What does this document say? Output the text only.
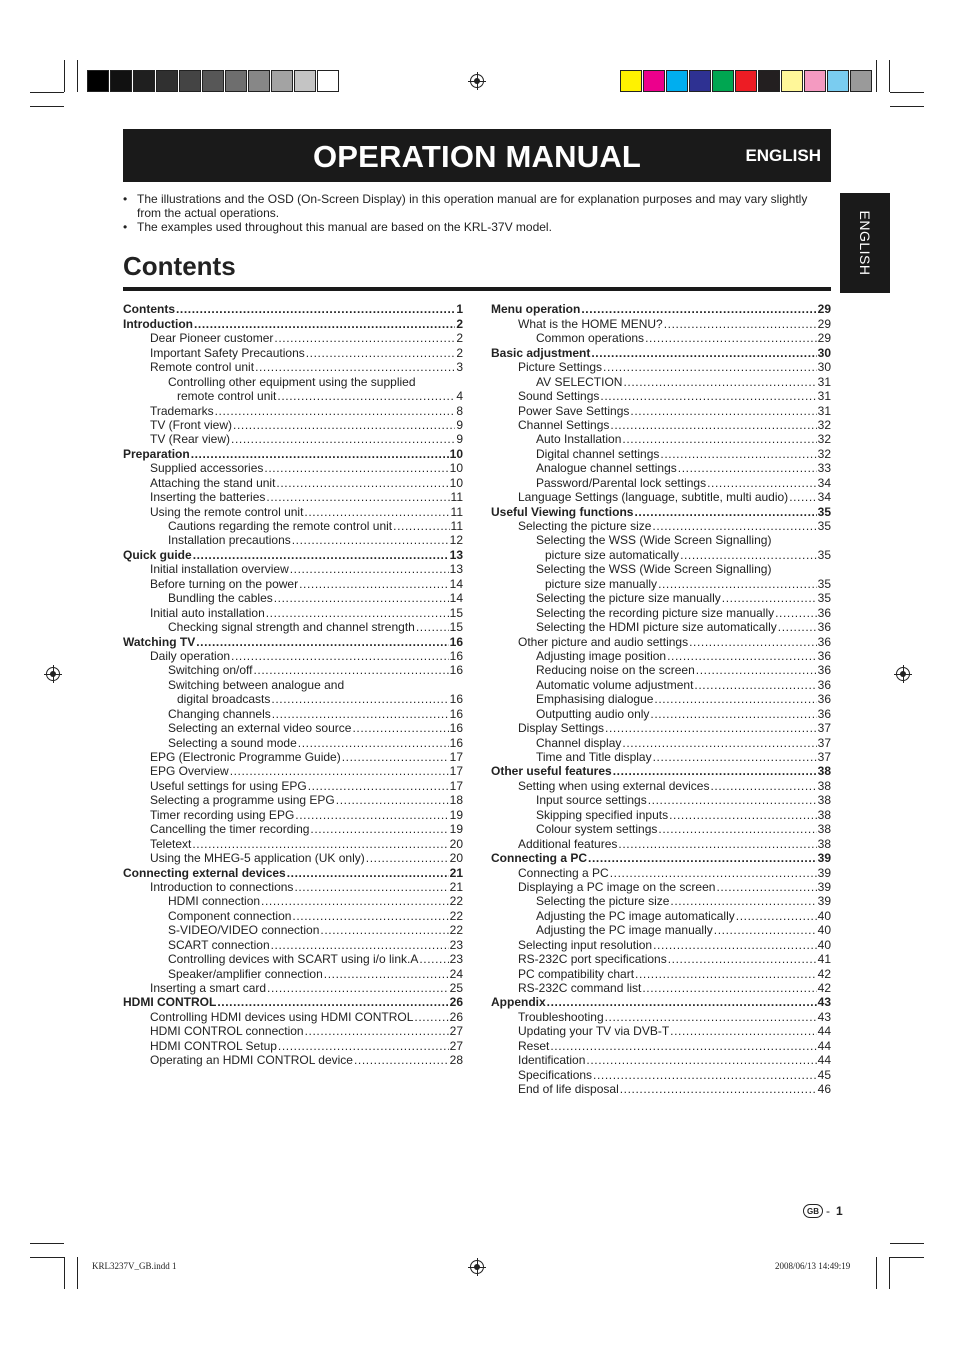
OPERATION MANUAL	ENGLISH
ENGLISH
• The illustrations and the OSD (On-Screen Display) in this operation manual are for explanation purposes and may vary slightly from the actual operations.
• The examples used throughout this manual are based on the KRL-37V model.
Contents
Contents .....	1
Introduction .....	2
Dear Pioneer customer .....	2
Important Safety Precautions .....	2
Remote control unit .....	3
Controlling other equipment using the supplied
remote control unit .....	4
Trademarks .....	8
TV (Front view) .....	9
TV (Rear view) .....	9
Preparation .....	10
Supplied accessories .....	10
Attaching the stand unit .....	10
Inserting the batteries .....	11
Using the remote control unit .....	11
Cautions regarding the remote control unit .....	11
Installation precautions .....	12
Quick guide .....	13
Initial installation overview .....	13
Before turning on the power .....	14
Bundling the cables .....	14
Initial auto installation .....	15
Checking signal strength and channel strength .....	15
Watching TV .....	16
Daily operation .....	16
Switching on/off .....	16
Switching between analogue and
digital broadcasts .....	16
Changing channels .....	16
Selecting an external video source .....	16
Selecting a sound mode .....	16
EPG (Electronic Programme Guide) .....	17
EPG Overview .....	17
Useful settings for using EPG .....	17
Selecting a programme using EPG .....	18
Timer recording using EPG .....	19
Cancelling the timer recording .....	19
Teletext .....	20
Using the MHEG-5 application (UK only) .....	20
Connecting external devices .....	21
Introduction to connections .....	21
HDMI connection .....	22
Component connection .....	22
S-VIDEO/VIDEO connection .....	22
SCART connection .....	23
Controlling devices with SCART using i/o link.A .....	23
Speaker/amplifier connection .....	24
Inserting a smart card .....	25
HDMI CONTROL .....	26
Controlling HDMI devices using HDMI CONTROL .....	26
HDMI CONTROL connection .....	27
HDMI CONTROL Setup .....	27
Operating an HDMI CONTROL device .....	28
Menu operation .....	29
What is the HOME MENU? .....	29
Common operations .....	29
Basic adjustment .....	30
Picture Settings .....	30
AV SELECTION .....	31
Sound Settings .....	31
Power Save Settings .....	31
Channel Settings .....	32
Auto Installation .....	32
Digital channel settings .....	32
Analogue channel settings .....	33
Password/Parental lock settings .....	34
Language Settings (language, subtitle, multi audio) ..... 34
Useful Viewing functions .....	35
Selecting the picture size .....	35
Selecting the WSS (Wide Screen Signalling)
picture size automatically .....	35
Selecting the WSS (Wide Screen Signalling)
picture size manually .....	35
Selecting the picture size manually .....	35
Selecting the recording picture size manually .....	36
Selecting the HDMI picture size automatically .....	36
Other picture and audio settings .....	36
Adjusting image position .....	36
Reducing noise on the screen .....	36
Automatic volume adjustment .....	36
Emphasising dialogue .....	36
Outputting audio only .....	36
Display Settings .....	37
Channel display .....	37
Time and Title display .....	37
Other useful features .....	38
Setting when using external devices .....	38
Input source settings .....	38
Skipping specified inputs .....	38
Colour system settings .....	38
Additional features .....	38
Connecting a PC .....	39
Connecting a PC .....	39
Displaying a PC image on the screen .....	39
Selecting the picture size .....	39
Adjusting the PC image automatically .....	40
Adjusting the PC image manually .....	40
Selecting input resolution .....	40
RS-232C port specifications .....	41
PC compatibility chart .....	42
RS-232C command list .....	42
Appendix .....	43
Troubleshooting .....	43
Updating your TV via DVB-T .....	44
Reset .....	44
Identification .....	44
Specifications .....	45
End of life disposal .....	46
GB - 1
KRL3237V_GB.indd 1	2008/06/13 14:49:19
